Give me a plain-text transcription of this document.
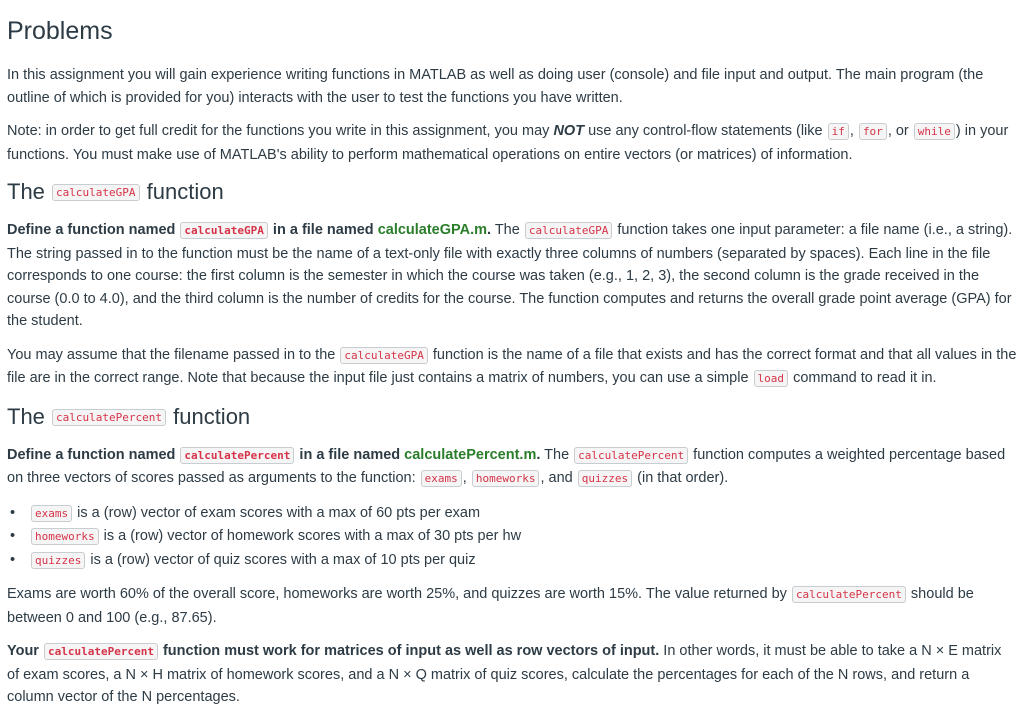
Problems

In this assignment you will gain experience writing functions in MATLAB as well as doing user (console) and file input and output. The main program (the outline of which is provided for you) interacts with the user to test the functions you have written.

Note: in order to get full credit for the functions you write in this assignment, you may NOT use any control-flow statements (like if , for , or while ) in your functions. You must make use of MATLAB's ability to perform mathematical operations on entire vectors (or matrices) of information.

The calculateGPA function

Define a function named calculateGPA in a file named calculateGPA.m. The calculateGPA function takes one input parameter: a file name (i.e., a string). The string passed in to the function must be the name of a text-only file with exactly three columns of numbers (separated by spaces). Each line in the file corresponds to one course: the first column is the semester in which the course was taken (e.g., 1, 2, 3), the second column is the grade received in the course (0.0 to 4.0), and the third column is the number of credits for the course. The function computes and returns the overall grade point average (GPA) for the student.

You may assume that the filename passed in to the calculateGPA function is the name of a file that exists and has the correct format and that all values in the file are in the correct range. Note that because the input file just contains a matrix of numbers, you can use a simple load command to read it in.

The calculatePercent function

Define a function named calculatePercent in a file named calculatePercent.m. The calculatePercent function computes a weighted percentage based on three vectors of scores passed as arguments to the function: exams , homeworks , and quizzes (in that order).

• exams is a (row) vector of exam scores with a max of 60 pts per exam
• homeworks is a (row) vector of homework scores with a max of 30 pts per hw
• quizzes is a (row) vector of quiz scores with a max of 10 pts per quiz

Exams are worth 60% of the overall score, homeworks are worth 25%, and quizzes are worth 15%. The value returned by calculatePercent should be between 0 and 100 (e.g., 87.65).

Your calculatePercent function must work for matrices of input as well as row vectors of input. In other words, it must be able to take a N × E matrix of exam scores, a N × H matrix of homework scores, and a N × Q matrix of quiz scores, calculate the percentages for each of the N rows, and return a column vector of the N percentages.
